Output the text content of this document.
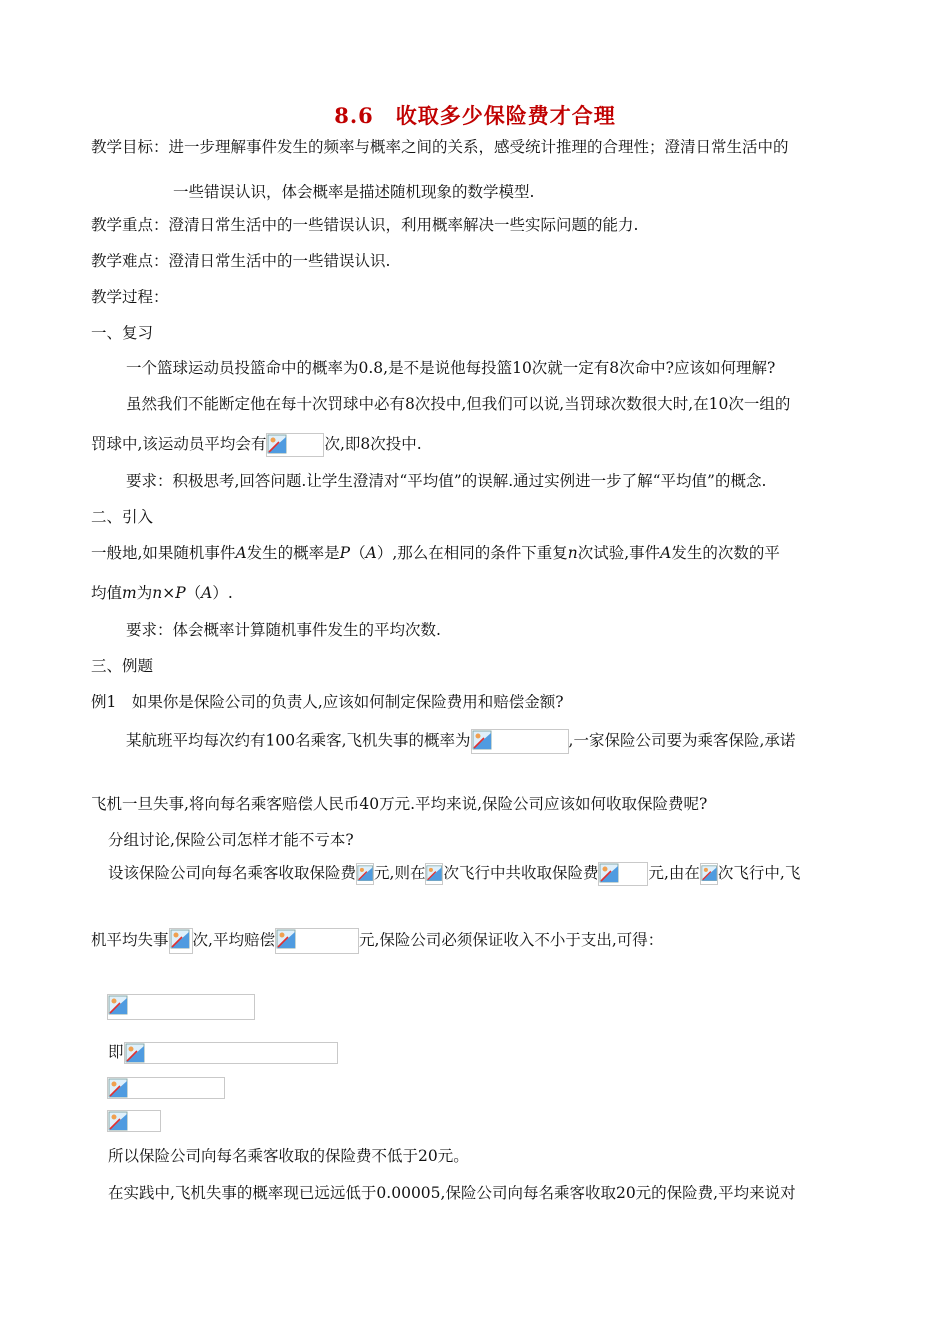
8.6　收取多少保险费才合理
教学目标：进一步理解事件发生的频率与概率之间的关系，感受统计推理的合理性；澄清日常生活中的
一些错误认识，体会概率是描述随机现象的数学模型.
教学重点：澄清日常生活中的一些错误认识，利用概率解决一些实际问题的能力.
教学难点：澄清日常生活中的一些错误认识.
教学过程：
一、复习
一个篮球运动员投篮命中的概率为0.8,是不是说他每投篮10次就一定有8次命中?应该如何理解?
虽然我们不能断定他在每十次罚球中必有8次投中,但我们可以说,当罚球次数很大时,在10次一组的
罚球中,该运动员平均会有	次,即8次投中.
要求：积极思考,回答问题.让学生澄清对“平均值”的误解.通过实例进一步了解“平均值”的概念.
二、引入
一般地,如果随机事件A发生的概率是P（A）,那么在相同的条件下重复n次试验,事件A发生的次数的平
均值m为n×P（A）.
要求：体会概率计算随机事件发生的平均次数.
三、例题
例1　如果你是保险公司的负责人,应该如何制定保险费用和赔偿金额?
某航班平均每次约有100名乘客,飞机失事的概率为	,一家保险公司要为乘客保险,承诺
飞机一旦失事,将向每名乘客赔偿人民币40万元.平均来说,保险公司应该如何收取保险费呢?
分组讨论,保险公司怎样才能不亏本?
设该保险公司向每名乘客收取保险费 元,则在 次飞行中共收取保险费	元,由在 次飞行中,飞
机平均失事 次,平均赔偿	元,保险公司必须保证收入不小于支出,可得：
即
所以保险公司向每名乘客收取的保险费不低于20元。
在实践中,飞机失事的概率现已远远低于0.00005,保险公司向每名乘客收取20元的保险费,平均来说对
